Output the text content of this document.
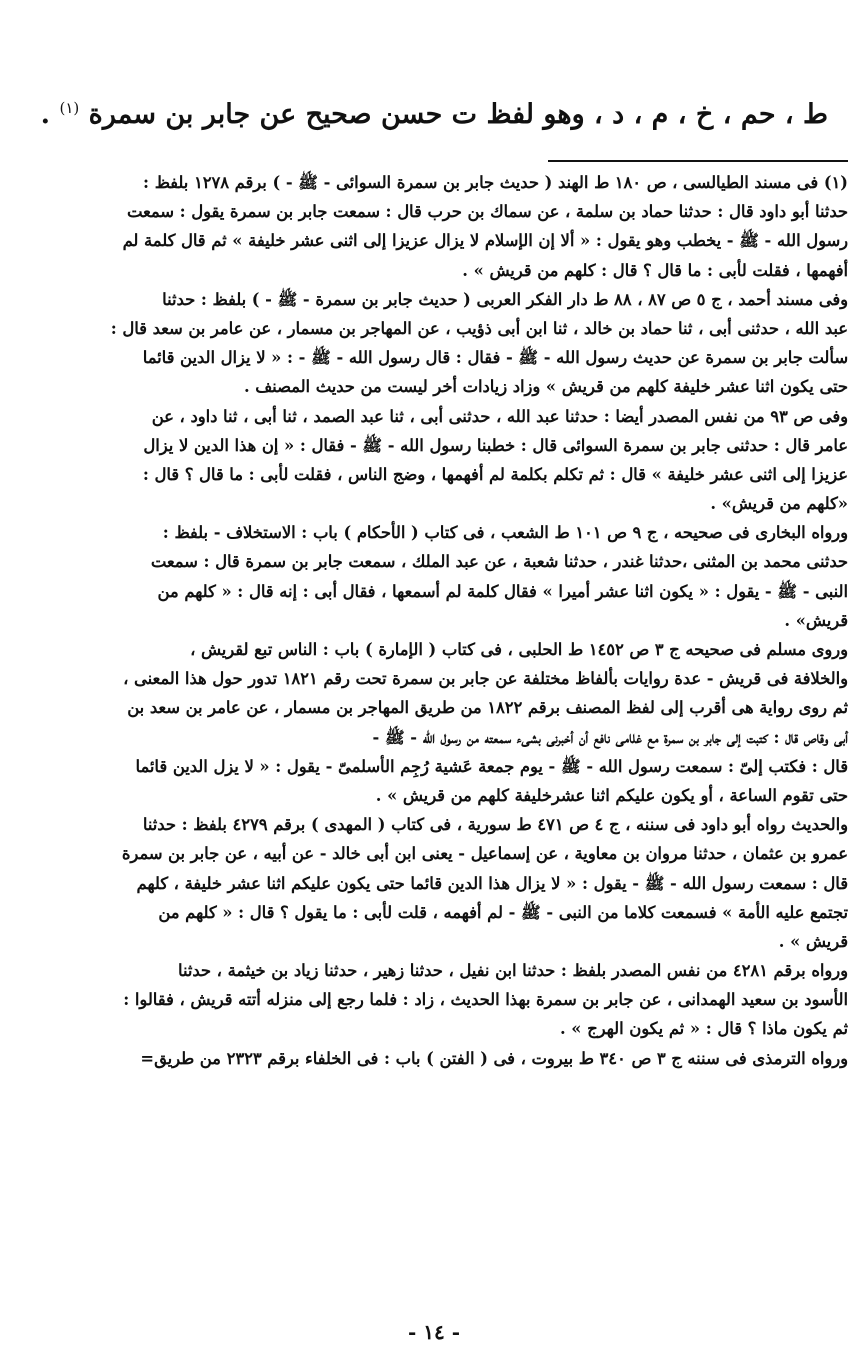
ط ، حم ، خ ، م ، د ، وهو لفظ ت حسن صحيح عن جابر بن سمرة $^{(١)}$ .
(١) فى مسند الطيالسى ، ص ١٨٠ ط الهند ( حديث جابر بن سمرة السوائى - ﷺ - ) برقم ١٢٧٨ بلفظ :
حدثنا أبو داود قال : حدثنا حماد بن سلمة ، عن سماك بن حرب قال : سمعت جابر بن سمرة يقول : سمعت
رسول الله - ﷺ - يخطب وهو يقول : « ألا إن الإسلام لا يزال عزيزا إلى اثنى عشر خليفة » ثم قال كلمة لم
أفهمها ، فقلت لأبى : ما قال ؟ قال : كلهم من قريش » .
وفى مسند أحمد ، ج ٥ ص ٨٧ ، ٨٨ ط دار الفكر العربى ( حديث جابر بن سمرة - ﷺ - ) بلفظ : حدثنا
عبد الله ، حدثنى أبى ، ثنا حماد بن خالد ، ثنا ابن أبى ذؤيب ، عن المهاجر بن مسمار ، عن عامر بن سعد قال :
سألت جابر بن سمرة عن حديث رسول الله - ﷺ - فقال : قال رسول الله - ﷺ - : « لا يزال الدين قائما
حتى يكون اثنا عشر خليفة كلهم من قريش » وزاد زيادات أخر ليست من حديث المصنف .
وفى ص ٩٣ من نفس المصدر أيضا : حدثنا عبد الله ، حدثنى أبى ، ثنا عبد الصمد ، ثنا أبى ، ثنا داود ، عن
عامر قال : حدثنى جابر بن سمرة السوائى قال : خطبنا رسول الله - ﷺ - فقال : « إن هذا الدين لا يزال
عزيزا إلى اثنى عشر خليفة » قال : ثم تكلم بكلمة لم أفهمها ، وضج الناس ، فقلت لأبى : ما قال ؟ قال :
«كلهم من قريش» .
ورواه البخارى فى صحيحه ، ج ٩ ص ١٠١ ط الشعب ، فى كتاب ( الأحكام ) باب : الاستخلاف - بلفظ :
حدثنى محمد بن المثنى ،حدثنا غندر ، حدثنا شعبة ، عن عبد الملك ، سمعت جابر بن سمرة قال : سمعت
النبى - ﷺ - يقول : « يكون اثنا عشر أميرا » فقال كلمة لم أسمعها ، فقال أبى : إنه قال : « كلهم من
قريش» .
وروى مسلم فى صحيحه ج ٣ ص ١٤٥٢ ط الحلبى ، فى كتاب ( الإمارة ) باب : الناس تبع لقريش ،
والخلافة فى قريش - عدة روايات بألفاظ مختلفة عن جابر بن سمرة تحت رقم ١٨٢١ تدور حول هذا المعنى ،
ثم روى رواية هى أقرب إلى لفظ المصنف برقم ١٨٢٢ من طريق المهاجر بن مسمار ، عن عامر بن سعد بن
أبى وقاص قال : كتبت إلى جابر بن سمرة مع غلامى نافع أن أخبرنى بشىء سمعته من رسول الله - ﷺ -
قال : فكتب إلىّ : سمعت رسول الله - ﷺ - يوم جمعة عَشية رُجِم الأسلمىّ - يقول : « لا يزل الدين قائما
حتى تقوم الساعة ، أو يكون عليكم اثنا عشرخليفة كلهم من قريش » .
والحديث رواه أبو داود فى سننه ، ج ٤ ص ٤٧١ ط سورية ، فى كتاب ( المهدى ) برقم ٤٢٧٩ بلفظ : حدثنا
عمرو بن عثمان ، حدثنا مروان بن معاوية ، عن إسماعيل - يعنى ابن أبى خالد - عن أبيه ، عن جابر بن سمرة
قال : سمعت رسول الله - ﷺ - يقول : « لا يزال هذا الدين قائما حتى يكون عليكم اثنا عشر خليفة ، كلهم
تجتمع عليه الأمة » فسمعت كلاما من النبى - ﷺ - لم أفهمه ، قلت لأبى : ما يقول ؟ قال : « كلهم من
قريش » .
ورواه برقم ٤٢٨١ من نفس المصدر بلفظ : حدثنا ابن نفيل ، حدثنا زهير ، حدثنا زياد بن خيثمة ، حدثنا
الأسود بن سعيد الهمدانى ، عن جابر بن سمرة بهذا الحديث ، زاد : فلما رجع إلى منزله أتته قريش ، فقالوا :
ثم يكون ماذا ؟ قال : « ثم يكون الهرج » .
ورواه الترمذى فى سننه ج ٣ ص ٣٤٠ ط بيروت ، فى ( الفتن ) باب : فى الخلفاء برقم ٢٣٢٣ من طريق=
- ١٤ -
